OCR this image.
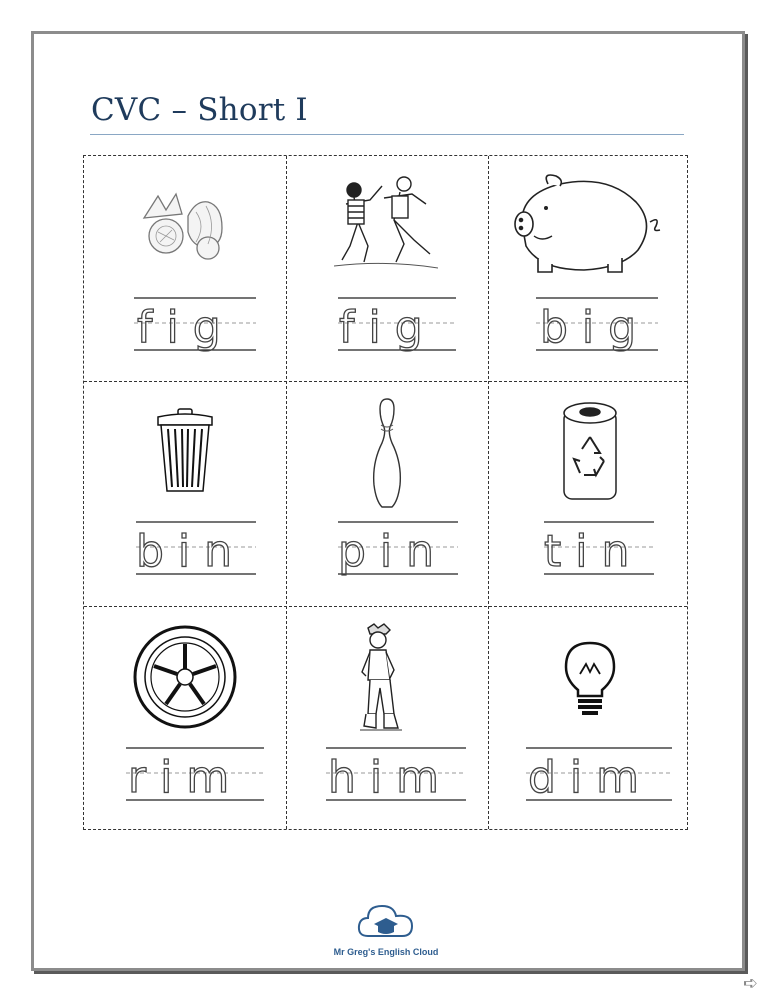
CVC – Short I
fig fig big
bin pin tin
rim him dim
Mr Greg's English Cloud
➪
